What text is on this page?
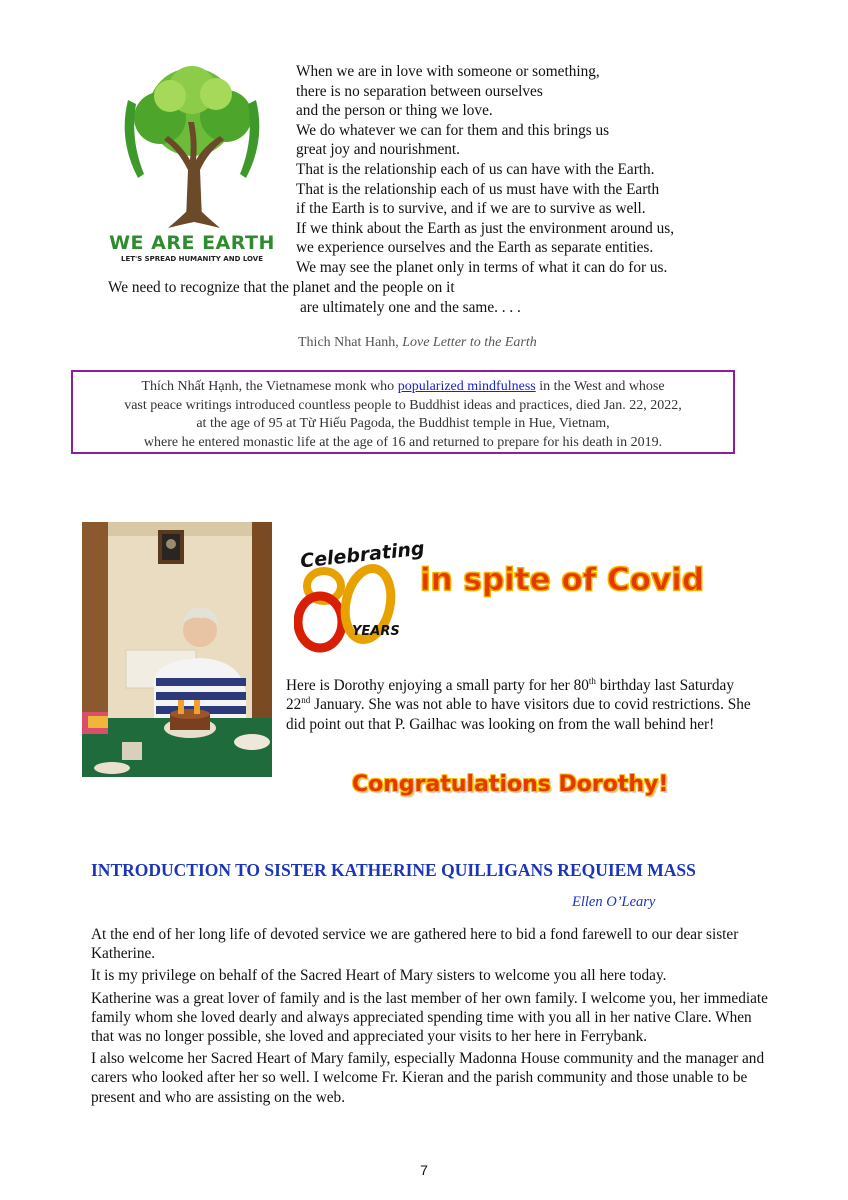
WE ARE EARTH
LET'S SPREAD HUMANITY AND LOVE
When we are in love with someone or something,
there is no separation between ourselves
and the person or thing we love.
We do whatever we can for them and this brings us
great joy and nourishment.
That is the relationship each of us can have with the Earth.
That is the relationship each of us must have with the Earth
if the Earth is to survive, and if we are to survive as well.
If we think about the Earth as just the environment around us,
we experience ourselves and the Earth as separate entities.
We may see the planet only in terms of what it can do for us.
We need to recognize that the planet and the people on it
are ultimately one and the same. . . .
Thich Nhat Hanh, Love Letter to the Earth
Thích Nhất Hạnh, the Vietnamese monk who popularized mindfulness in the West and whose
vast peace writings introduced countless people to Buddhist ideas and practices, died Jan. 22, 2022,
at the age of 95 at Từ Hiếu Pagoda, the Buddhist temple in Hue, Vietnam,
where he entered monastic life at the age of 16 and returned to prepare for his death in 2019.
Celebrating
YEARS
in spite of Covid
Here is Dorothy enjoying a small party for her 80th birthday last Saturday 22nd January. She was not able to have visitors due to covid restrictions. She did point out that P. Gailhac was looking on from the wall behind her!
Congratulations Dorothy!
INTRODUCTION TO SISTER KATHERINE QUILLIGANS REQUIEM MASS
Ellen O’Leary

At the end of her long life of devoted service we are gathered here to bid a fond farewell to our dear sister Katherine.

It is my privilege on behalf of the Sacred Heart of Mary sisters to welcome you all here today.

Katherine was a great lover of family and is the last member of her own family. I welcome you, her immediate family whom she loved dearly and always appreciated spending time with you all in her native Clare. When that was no longer possible, she loved and appreciated your visits to her here in Ferrybank.

I also welcome her Sacred Heart of Mary family, especially Madonna House community and the manager and carers who looked after her so well. I welcome Fr. Kieran and the parish community and those unable to be present and who are assisting on the web.

7
